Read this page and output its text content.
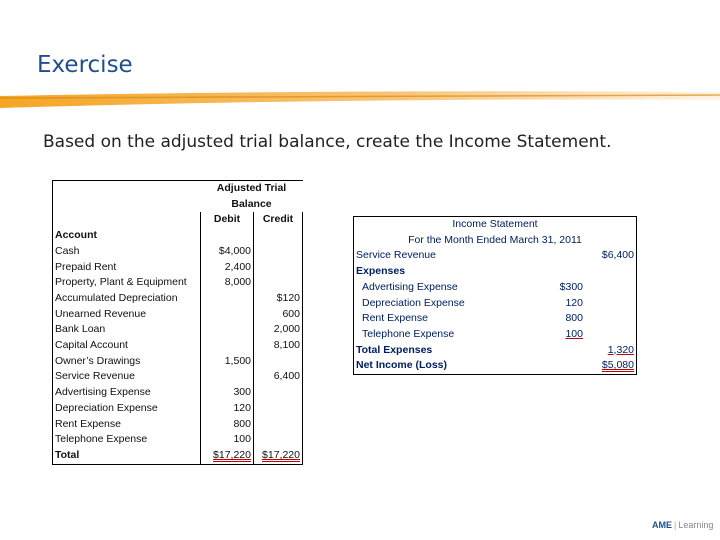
Exercise
Based on the adjusted trial balance, create the Income Statement.
	Adjusted Trial	
	Balance	
	Debit	Credit
Account		
Cash	$4,000	
Prepaid Rent	2,400	
Property, Plant & Equipment	8,000	
Accumulated Depreciation		$120
Unearned Revenue		600
Bank Loan		2,000
Capital Account		8,100
Owner’s Drawings	1,500	
Service Revenue		6,400
Advertising Expense	300	
Depreciation Expense	120	
Rent Expense	800	
Telephone Expense	100	
Total	$17,220	$17,220
Income Statement		
For the Month Ended March 31, 2011		
Service Revenue		$6,400
Expenses		
Advertising Expense	$300	
Depreciation Expense	120	
Rent Expense	800	
Telephone Expense	100	
Total Expenses		1,320
Net Income (Loss)		$5,080
AME | Learning
